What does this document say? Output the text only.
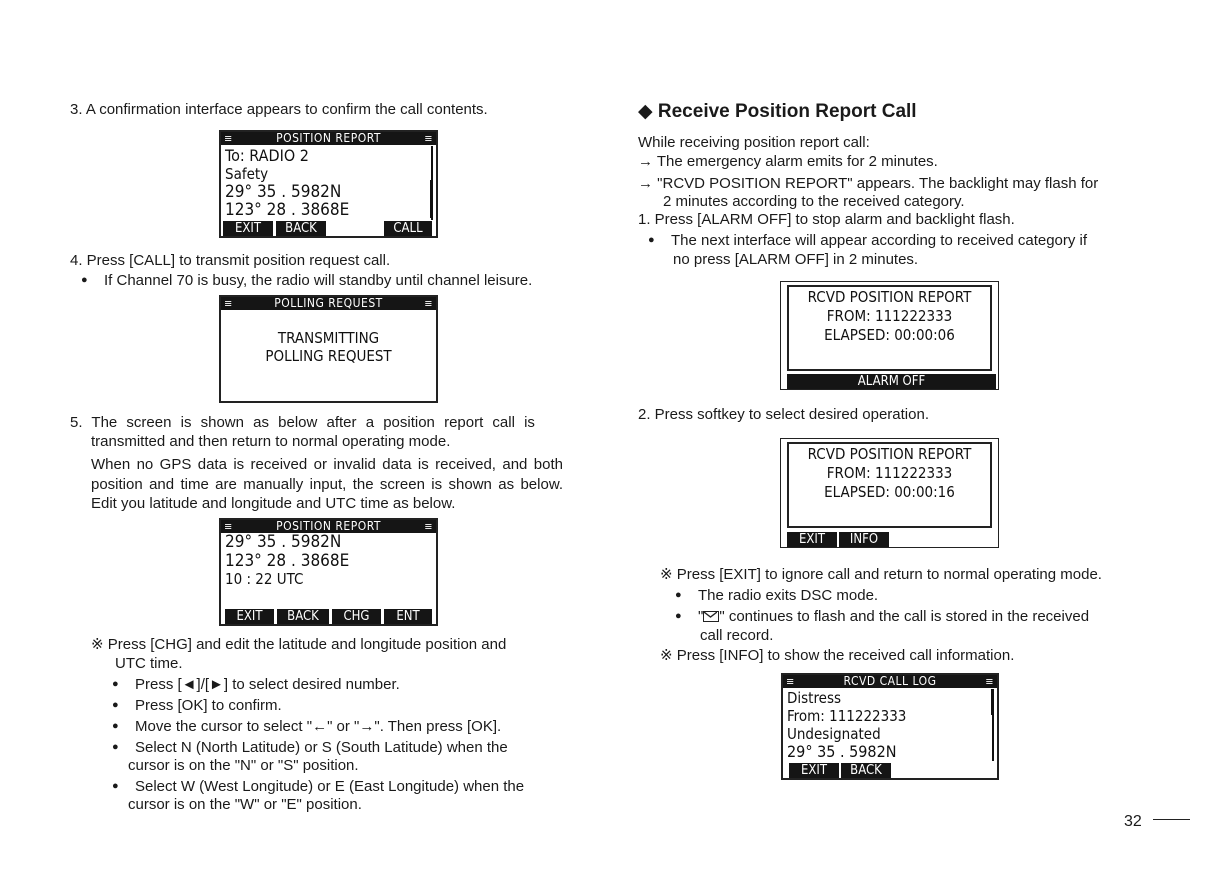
3. A confirmation interface appears to confirm the call contents.
≡	POSITION REPORT	≡
To: RADIO 2
Safety
29° 35 . 5982N
123° 28 . 3868E
EXIT	BACK	CALL
4. Press [CALL] to transmit position request call.
● If Channel 70 is busy, the radio will standby until channel leisure.
≡	POLLING REQUEST	≡
TRANSMITTING
POLLING REQUEST
5. The screen is shown as below after a position report call is
transmitted and then return to normal operating mode.
When no GPS data is received or invalid data is received, and both position and time are manually input, the screen is shown as below. Edit you latitude and longitude and UTC time as below.
≡	POSITION REPORT	≡
29° 35 . 5982N
123° 28 . 3868E
10 : 22 UTC
EXIT	BACK	CHG	ENT
※ Press [CHG] and edit the latitude and longitude position and
UTC time.
● Press [◄]/[►] to select desired number.
● Press [OK] to confirm.
● Move the cursor to select "←" or "→". Then press [OK].
● Select N (North Latitude) or S (South Latitude) when the
cursor is on the "N" or "S" position.
● Select W (West Longitude) or E (East Longitude) when the
cursor is on the "W" or "E" position.
◆ Receive Position Report Call
While receiving position report call:
→ The emergency alarm emits for 2 minutes.
→ "RCVD POSITION REPORT" appears. The backlight may flash for
2 minutes according to the received category.
1. Press [ALARM OFF] to stop alarm and backlight flash.
● The next interface will appear according to received category if
no press [ALARM OFF] in 2 minutes.
RCVD POSITION REPORT
FROM: 111222333
ELAPSED: 00:00:06
ALARM OFF
2. Press softkey to select desired operation.
RCVD POSITION REPORT
FROM: 111222333
ELAPSED: 00:00:16
EXIT	INFO
※ Press [EXIT] to ignore call and return to normal operating mode.
● The radio exits DSC mode.
● " " continues to flash and the call is stored in the received
call record.
※ Press [INFO] to show the received call information.
≡	RCVD CALL LOG	≡
Distress
From: 111222333
Undesignated
29° 35 . 5982N
EXIT	BACK
32
